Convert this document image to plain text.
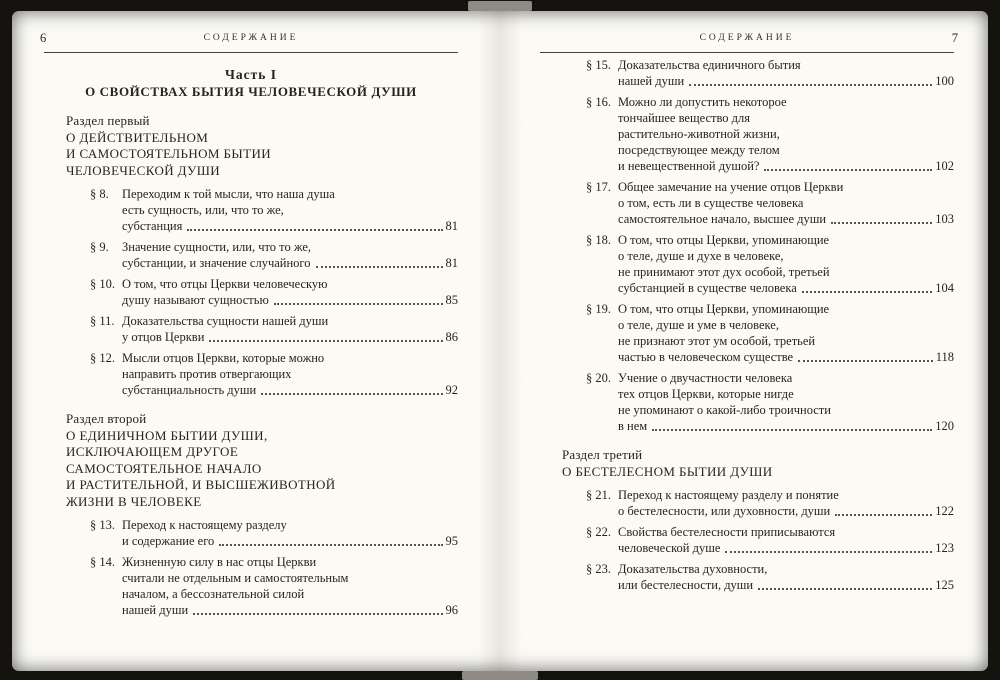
6	СОДЕРЖАНИЕ
Часть I
О СВОЙСТВАХ БЫТИЯ ЧЕЛОВЕЧЕСКОЙ ДУШИ
Раздел первый
О ДЕЙСТВИТЕЛЬНОМ
И САМОСТОЯТЕЛЬНОМ БЫТИИ
ЧЕЛОВЕЧЕСКОЙ ДУШИ
§ 8. Переходим к той мысли, что наша душа
есть сущность, или, что то же,
субстанция	81
§ 9. Значение сущности, или, что то же,
субстанции, и значение случайного	81
§ 10. О том, что отцы Церкви человеческую
душу называют сущностью	85
§ 11. Доказательства сущности нашей души
у отцов Церкви	86
§ 12. Мысли отцов Церкви, которые можно
направить против отвергающих
субстанциальность души	92
Раздел второй
О ЕДИНИЧНОМ БЫТИИ ДУШИ,
ИСКЛЮЧАЮЩЕМ ДРУГОЕ
САМОСТОЯТЕЛЬНОЕ НАЧАЛО
И РАСТИТЕЛЬНОЙ, И ВЫСШЕЖИВОТНОЙ
ЖИЗНИ В ЧЕЛОВЕКЕ
§ 13. Переход к настоящему разделу
и содержание его	95
§ 14. Жизненную силу в нас отцы Церкви
считали не отдельным и самостоятельным
началом, а бессознательной силой
нашей души	96
СОДЕРЖАНИЕ	7
§ 15. Доказательства единичного бытия
нашей души	100
§ 16. Можно ли допустить некоторое
тончайшее вещество для
растительно-животной жизни,
посредствующее между телом
и невещественной душой?	102
§ 17. Общее замечание на учение отцов Церкви
о том, есть ли в существе человека
самостоятельное начало, высшее души	103
§ 18. О том, что отцы Церкви, упоминающие
о теле, душе и духе в человеке,
не принимают этот дух особой, третьей
субстанцией в существе человека	104
§ 19. О том, что отцы Церкви, упоминающие
о теле, душе и уме в человеке,
не признают этот ум особой, третьей
частью в человеческом существе	118
§ 20. Учение о двучастности человека
тех отцов Церкви, которые нигде
не упоминают о какой-либо троичности
в нем	120
Раздел третий
О БЕСТЕЛЕСНОМ БЫТИИ ДУШИ
§ 21. Переход к настоящему разделу и понятие
о бестелесности, или духовности, души	122
§ 22. Свойства бестелесности приписываются
человеческой душе	123
§ 23. Доказательства духовности,
или бестелесности, души	125
